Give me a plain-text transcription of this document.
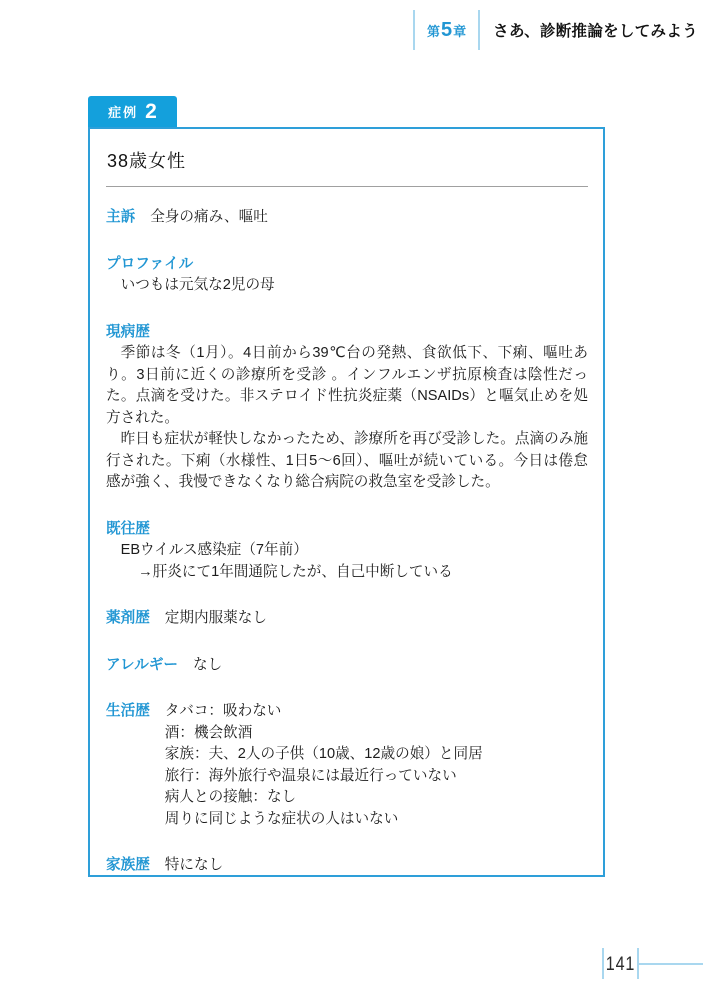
第5章	さあ、診断推論をしてみよう
症例 2
38歳女性
主訴 全身の痛み、嘔吐
プロファイル
いつもは元気な2児の母
現病歴

季節は冬（1月）。4日前から39℃台の発熱、食欲低下、下痢、嘔吐あり。3日前に近くの診療所を受診 。インフルエンザ抗原検査は陰性だった。点滴を受けた。非ステロイド性抗炎症薬（NSAIDs）と嘔気止めを処方された。

昨日も症状が軽快しなかったため、診療所を再び受診した。点滴のみ施行された。下痢（水様性、1日5〜6回）、嘔吐が続いている。今日は倦怠感が強く、我慢できなくなり総合病院の救急室を受診した。

既往歴
EBウイルス感染症（7年前）
→肝炎にて1年間通院したが、自己中断している
薬剤歴 定期内服薬なし
アレルギー なし
生活歴 タバコ：吸わない
酒：機会飲酒
家族：夫、2人の子供（10歳、12歳の娘）と同居
旅行：海外旅行や温泉には最近行っていない
病人との接触：なし
周りに同じような症状の人はいない
家族歴 特になし
141
